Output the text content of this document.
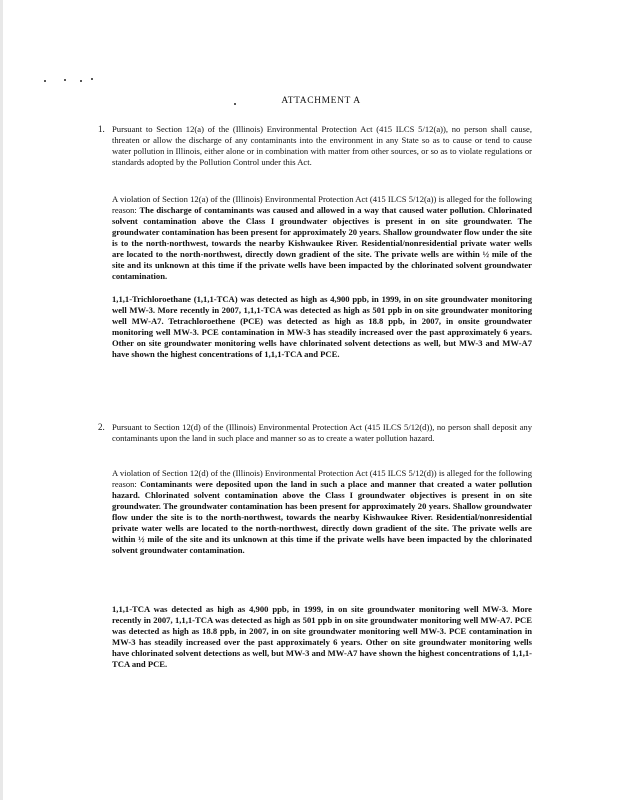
ATTACHMENT A
1. Pursuant to Section 12(a) of the (Illinois) Environmental Protection Act (415 ILCS 5/12(a)), no person shall cause, threaten or allow the discharge of any contaminants into the environment in any State so as to cause or tend to cause water pollution in Illinois, either alone or in combination with matter from other sources, or so as to violate regulations or standards adopted by the Pollution Control under this Act.

A violation of Section 12(a) of the (Illinois) Environmental Protection Act (415 ILCS 5/12(a)) is alleged for the following reason: The discharge of contaminants was caused and allowed in a way that caused water pollution. Chlorinated solvent contamination above the Class I groundwater objectives is present in on site groundwater. The groundwater contamination has been present for approximately 20 years. Shallow groundwater flow under the site is to the north-northwest, towards the nearby Kishwaukee River. Residential/nonresidential private water wells are located to the north-northwest, directly down gradient of the site. The private wells are within ½ mile of the site and its unknown at this time if the private wells have been impacted by the chlorinated solvent groundwater contamination.

1,1,1-Trichloroethane (1,1,1-TCA) was detected as high as 4,900 ppb, in 1999, in on site groundwater monitoring well MW-3. More recently in 2007, 1,1,1-TCA was detected as high as 501 ppb in on site groundwater monitoring well MW-A7. Tetrachloroethene (PCE) was detected as high as 18.8 ppb, in 2007, in onsite groundwater monitoring well MW-3. PCE contamination in MW-3 has steadily increased over the past approximately 6 years. Other on site groundwater monitoring wells have chlorinated solvent detections as well, but MW-3 and MW-A7 have shown the highest concentrations of 1,1,1-TCA and PCE.

2. Pursuant to Section 12(d) of the (Illinois) Environmental Protection Act (415 ILCS 5/12(d)), no person shall deposit any contaminants upon the land in such place and manner so as to create a water pollution hazard.

A violation of Section 12(d) of the (Illinois) Environmental Protection Act (415 ILCS 5/12(d)) is alleged for the following reason: Contaminants were deposited upon the land in such a place and manner that created a water pollution hazard. Chlorinated solvent contamination above the Class I groundwater objectives is present in on site groundwater. The groundwater contamination has been present for approximately 20 years. Shallow groundwater flow under the site is to the north-northwest, towards the nearby Kishwaukee River. Residential/nonresidential private water wells are located to the north-northwest, directly down gradient of the site. The private wells are within ½ mile of the site and its unknown at this time if the private wells have been impacted by the chlorinated solvent groundwater contamination.

1,1,1-TCA was detected as high as 4,900 ppb, in 1999, in on site groundwater monitoring well MW-3. More recently in 2007, 1,1,1-TCA was detected as high as 501 ppb in on site groundwater monitoring well MW-A7. PCE was detected as high as 18.8 ppb, in 2007, in on site groundwater monitoring well MW-3. PCE contamination in MW-3 has steadily increased over the past approximately 6 years. Other on site groundwater monitoring wells have chlorinated solvent detections as well, but MW-3 and MW-A7 have shown the highest concentrations of 1,1,1-TCA and PCE.
